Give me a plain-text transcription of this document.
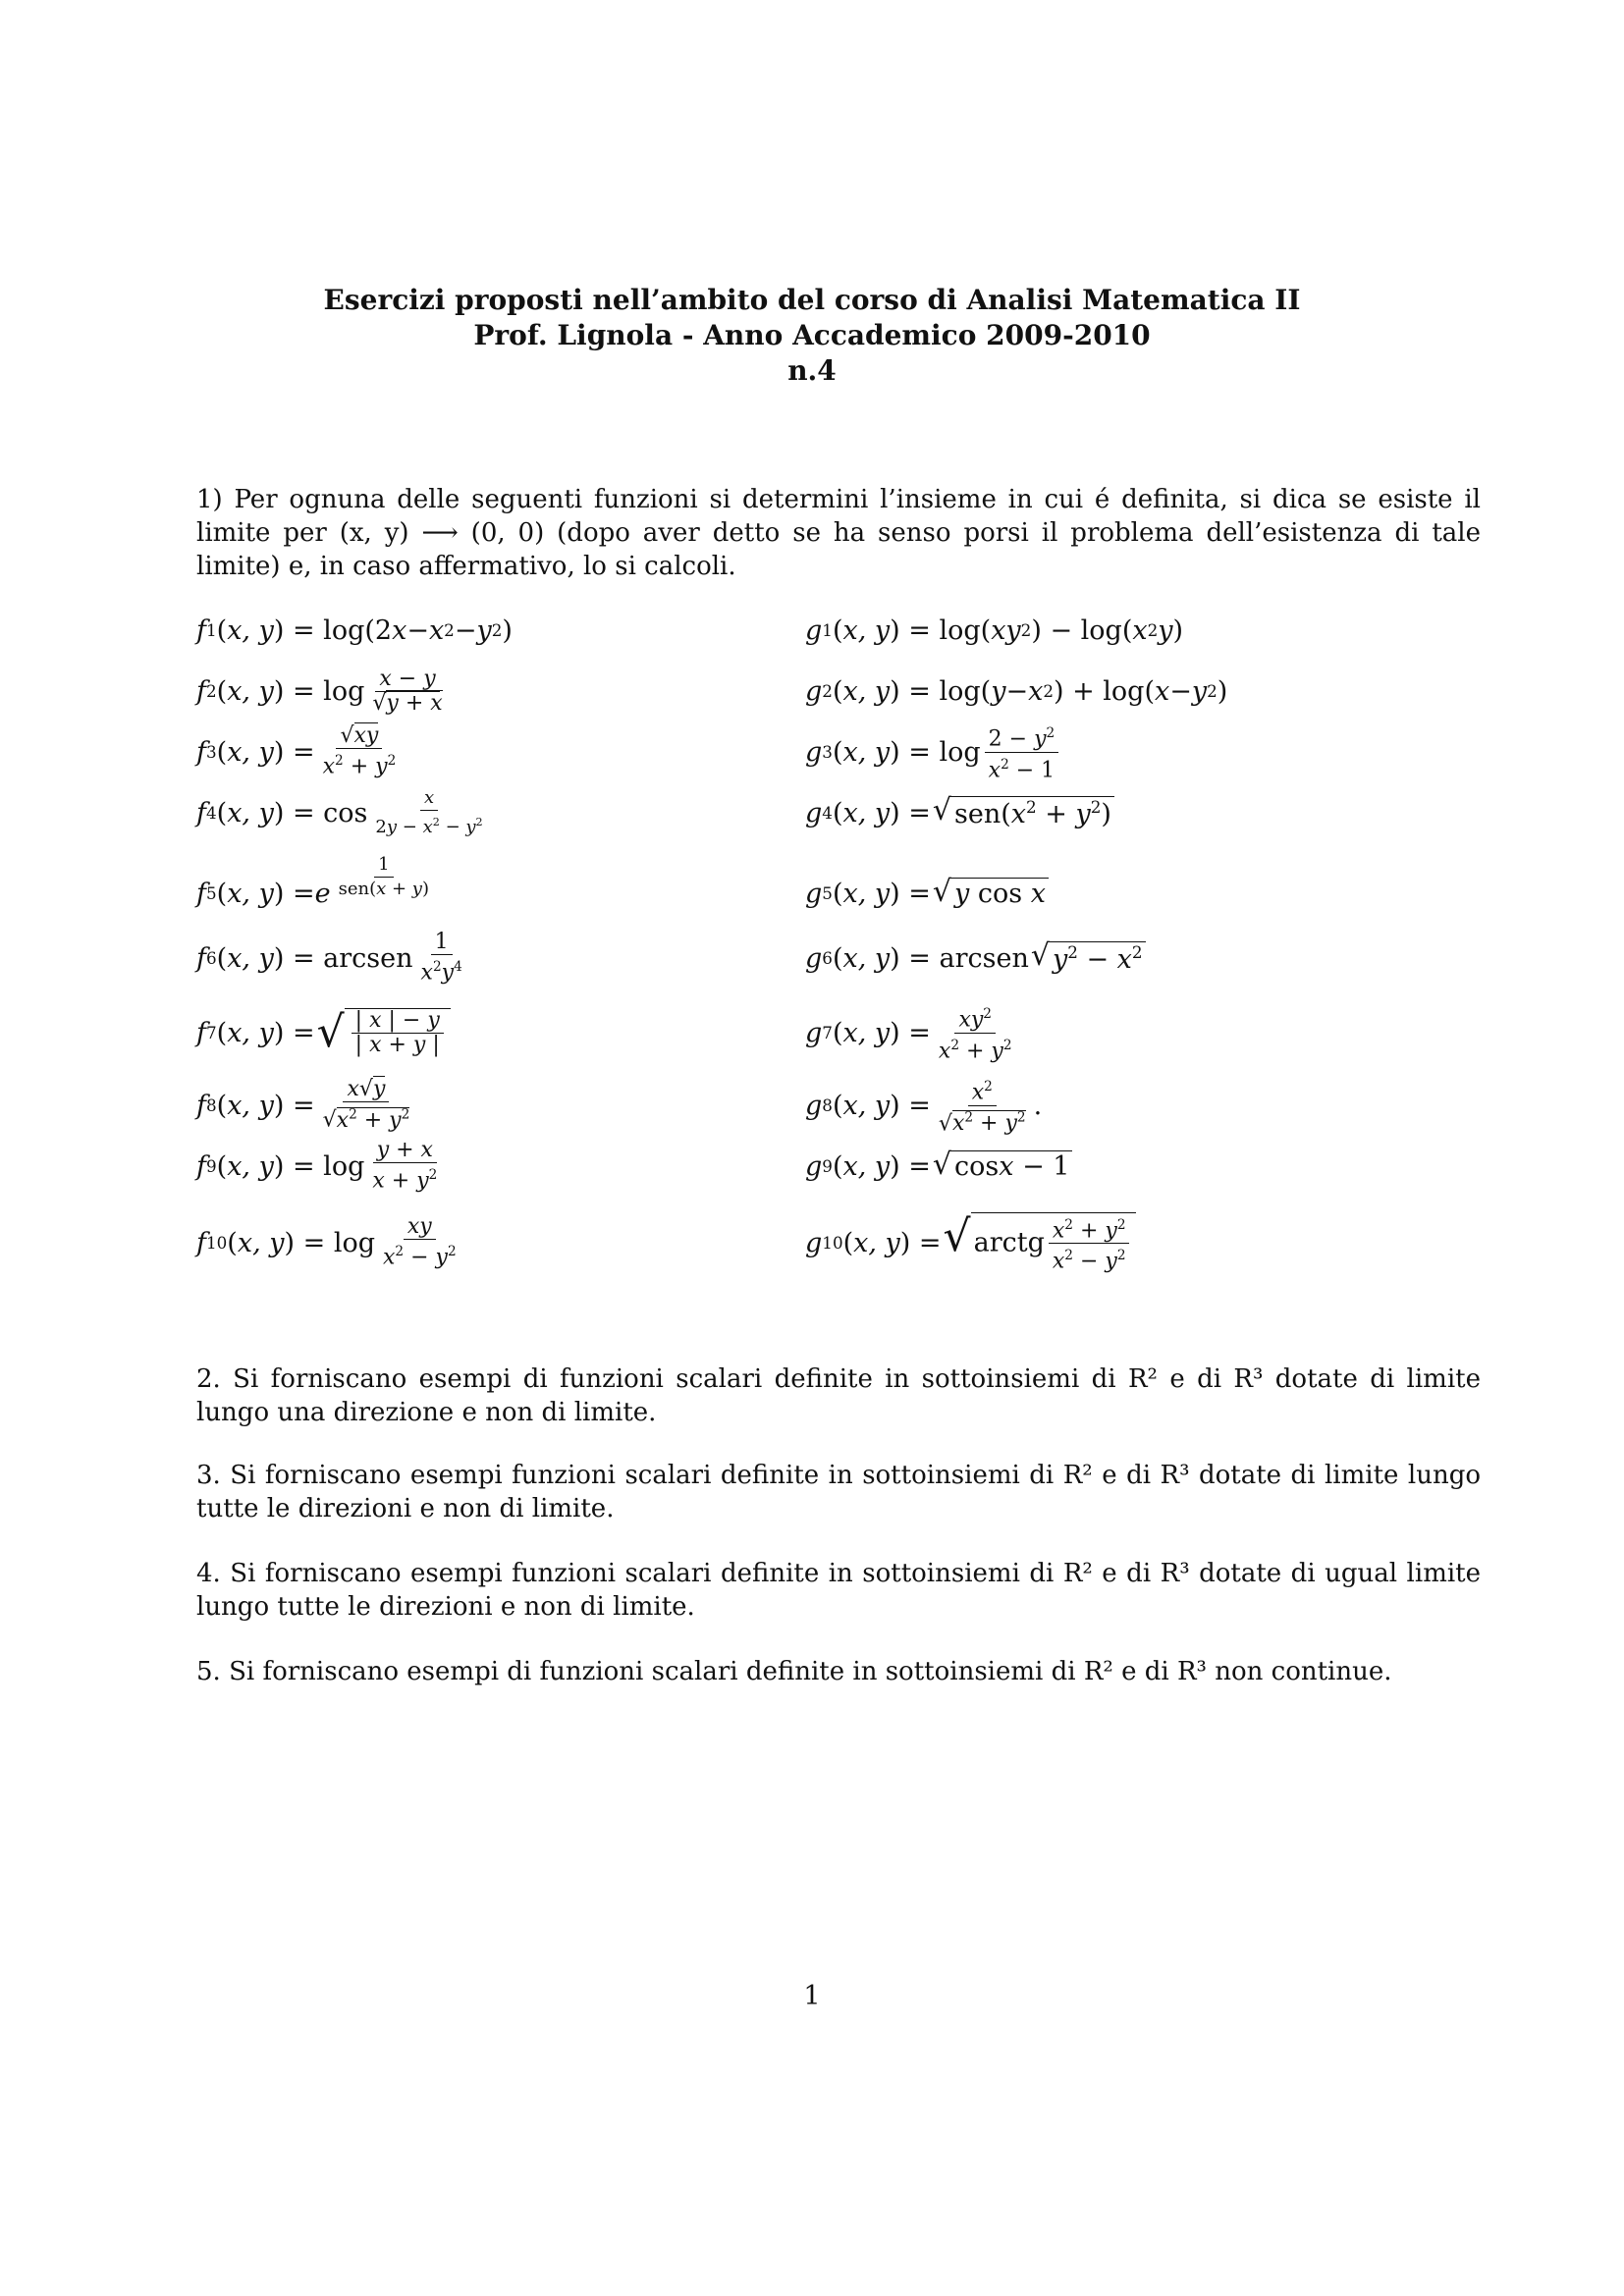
Esercizi proposti nell’ambito del corso di Analisi Matematica II
Prof. Lignola - Anno Accademico 2009-2010
n.4
1) Per ognuna delle seguenti funzioni si determini l’insieme in cui é definita, si dica se esiste il limite per (x, y) ⟶ (0, 0) (dopo aver detto se ha senso porsi il problema dell’esistenza di tale limite) e, in caso affermativo, lo si calcoli.
f 1 ( x, y ) = log(2 x − x 2 − y 2 )	g 1 ( x, y ) = log( xy 2 ) − log( x 2 y )
f 2 ( x, y ) = $\log \frac{x - y}{√y + x}$	g 2 ( x, y ) = log( y − x 2 ) + log( x − y 2 )
f 3 ( x, y ) = $\frac{√xy}{x^2 + y^2}$	g 3 ( x, y ) = $\log \frac{2 - y^2}{x^2 - 1}$
f 4 ( x, y ) = $\cos \frac{x}{2y - x^2 - y^2}$	g 4 ( x, y ) = √ $sen(x^2 + y^2)$
f 5 ( x, y ) = e $\frac{1}{\text{sen(x + y)}}$	g 5 ( x, y ) = √ y cos x
f 6 ( x, y ) = arcsen $\frac{1}{x^2y^4}$	g 6 ( x, y ) = arcsen √ $y^2 - x^2$
f 7 ( x, y ) = √ $\frac{| x | - y}{| x + y |}$	g 7 ( x, y ) = $\frac{xy^2}{x^2 + y^2}$
f 8 ( x, y ) = $\frac{x√y}{√x^2 + y^2}$	g 8 ( x, y ) = $\frac{x^2}{√x^2 + y^2}$ .
f 9 ( x, y ) = $\log \frac{y + x}{x + y^2}$	g 9 ( x, y ) = √ cosx − 1
f 10 ( x, y ) = $\log \frac{xy}{x^2 - y^2}$	g 10 ( x, y ) = √ arctg $\frac{x^2 + y^2}{x^2 - y^2}$
2. Si forniscano esempi di funzioni scalari definite in sottoinsiemi di R² e di R³ dotate di limite lungo una direzione e non di limite.
3. Si forniscano esempi funzioni scalari definite in sottoinsiemi di R² e di R³ dotate di limite lungo tutte le direzioni e non di limite.
4. Si forniscano esempi funzioni scalari definite in sottoinsiemi di R² e di R³ dotate di ugual limite lungo tutte le direzioni e non di limite.
5. Si forniscano esempi di funzioni scalari definite in sottoinsiemi di R² e di R³ non continue.
1
